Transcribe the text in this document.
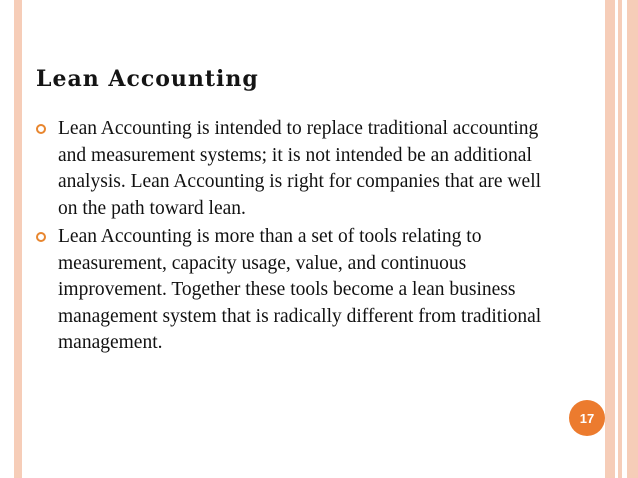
Lean Accounting
Lean Accounting is intended to replace traditional accounting and measurement systems; it is not intended be an additional analysis. Lean Accounting is right for companies that are well on the path toward lean.
Lean Accounting is more than a set of tools relating to measurement, capacity usage, value, and continuous improvement. Together these tools become a lean business management system that is radically different from traditional management.
17
